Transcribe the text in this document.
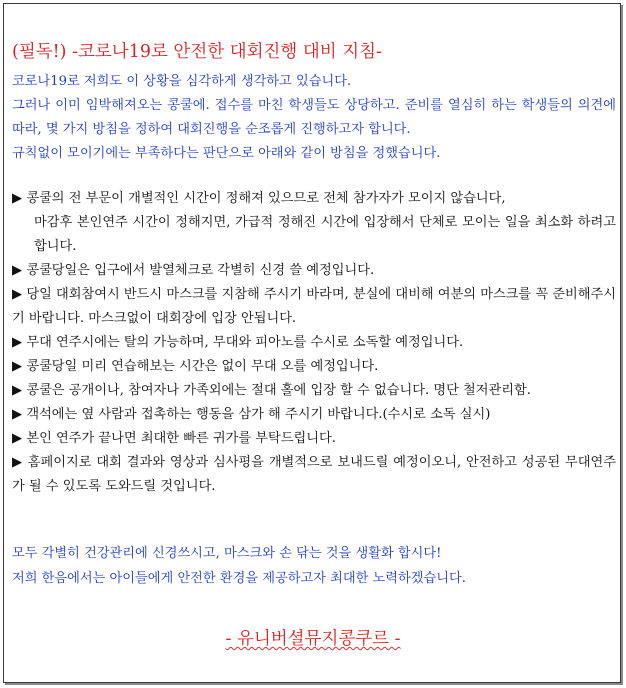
(필독!) -코로나19로 안전한 대회진행 대비 지침-

코로나19로 저희도 이 상황을 심각하게 생각하고 있습니다.

그러나 이미 임박해져오는 콩쿨에. 접수를 마친 학생들도 상당하고. 준비를 열심히 하는 학생들의 의견에 따라, 몇 가지 방침을 정하여 대회진행을 순조롭게 진행하고자 합니다.

규칙없이 모이기에는 부족하다는 판단으로 아래와 같이 방침을 정했습니다.

▶ 콩쿨의 전 부문이 개별적인 시간이 정해져 있으므로 전체 참가자가 모이지 않습니다,

마감후 본인연주 시간이 정해지면, 가급적 정해진 시간에 입장해서 단체로 모이는 일을 최소화 하려고합니다.

▶ 콩쿨당일은 입구에서 발열체크로 각별히 신경 쓸 예정입니다.

▶ 당일 대회참여시 반드시 마스크를 지참해 주시기 바라며, 분실에 대비해 여분의 마스크를 꼭 준비해주시기 바랍니다. 마스크없이 대회장에 입장 안됩니다.

▶ 무대 연주시에는 탈의 가능하며, 무대와 피아노를 수시로 소독할 예정입니다.

▶ 콩쿨당일 미리 연습해보는 시간은 없이 무대 오를 예정입니다.

▶ 콩쿨은 공개이나, 참여자나 가족외에는 절대 홀에 입장 할 수 없습니다. 명단 철저관리함.

▶ 객석에는 옆 사람과 접촉하는 행동을 삼가 해 주시기 바랍니다.(수시로 소독 실시)

▶ 본인 연주가 끝나면 최대한 빠른 귀가를 부탁드립니다.

▶ 홈페이지로 대회 결과와 영상과 심사평을 개별적으로 보내드릴 예정이오니, 안전하고 성공된 무대연주가 될 수 있도록 도와드릴 것입니다.

모두 각별히 건강관리에 신경쓰시고, 마스크와 손 닦는 것을 생활화 합시다!

저희 한음에서는 아이들에게 안전한 환경을 제공하고자 최대한 노력하겠습니다.

- 유니버셜뮤지콩쿠르 -
